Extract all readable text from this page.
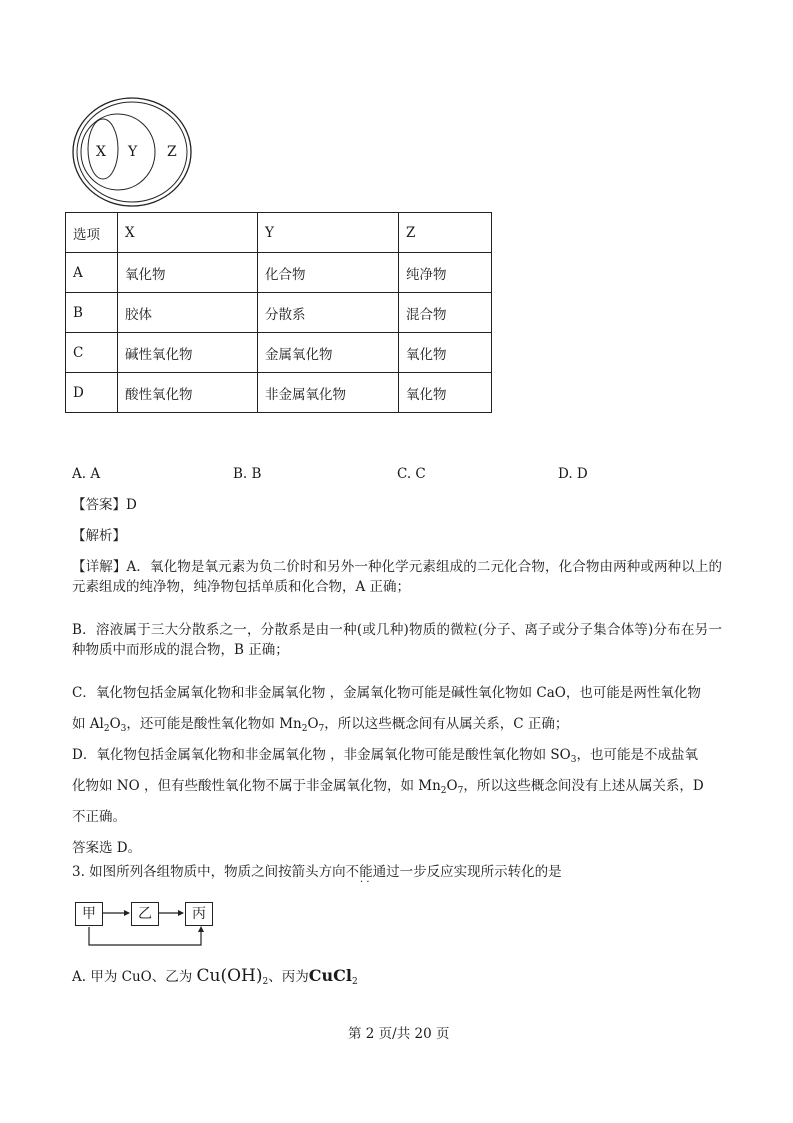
X Y Z
选项	X	Y	Z
A	氧化物	化合物	纯净物
B	胶体	分散系	混合物
C	碱性氧化物	金属氧化物	氧化物
D	酸性氧化物	非金属氧化物	氧化物
A. A	B. B	C. C	D. D
【答案】D
【解析】
【详解】A．氧化物是氧元素为负二价时和另外一种化学元素组成的二元化合物，化合物由两种或两种以上的元素组成的纯净物，纯净物包括单质和化合物，A 正确；
B．溶液属于三大分散系之一，分散系是由一种(或几种)物质的微粒(分子、离子或分子集合体等)分布在另一种物质中而形成的混合物，B 正确；
C．氧化物包括金属氧化物和非金属氧化物 ，金属氧化物可能是碱性氧化物如 CaO，也可能是两性氧化物
如 $Al_2O_3$，还可能是酸性氧化物如 $Mn_2O_7$，所以这些概念间有从属关系，C 正确；
D．氧化物包括金属氧化物和非金属氧化物 ，非金属氧化物可能是酸性氧化物如 $SO_3$，也可能是不成盐氧
化物如 NO ，但有些酸性氧化物不属于非金属氧化物，如 $Mn_2O_7$，所以这些概念间没有上述从属关系，D
不正确。
答案选 D。
3. 如图所列各组物质中，物质之间按箭头方向不能通过一步反应实现所示转化的是
· ·
甲	乙	丙
A. 甲为 CuO、乙为 $Cu(OH)_2$、丙为CuCl$_2$
第 2 页/共 20 页
